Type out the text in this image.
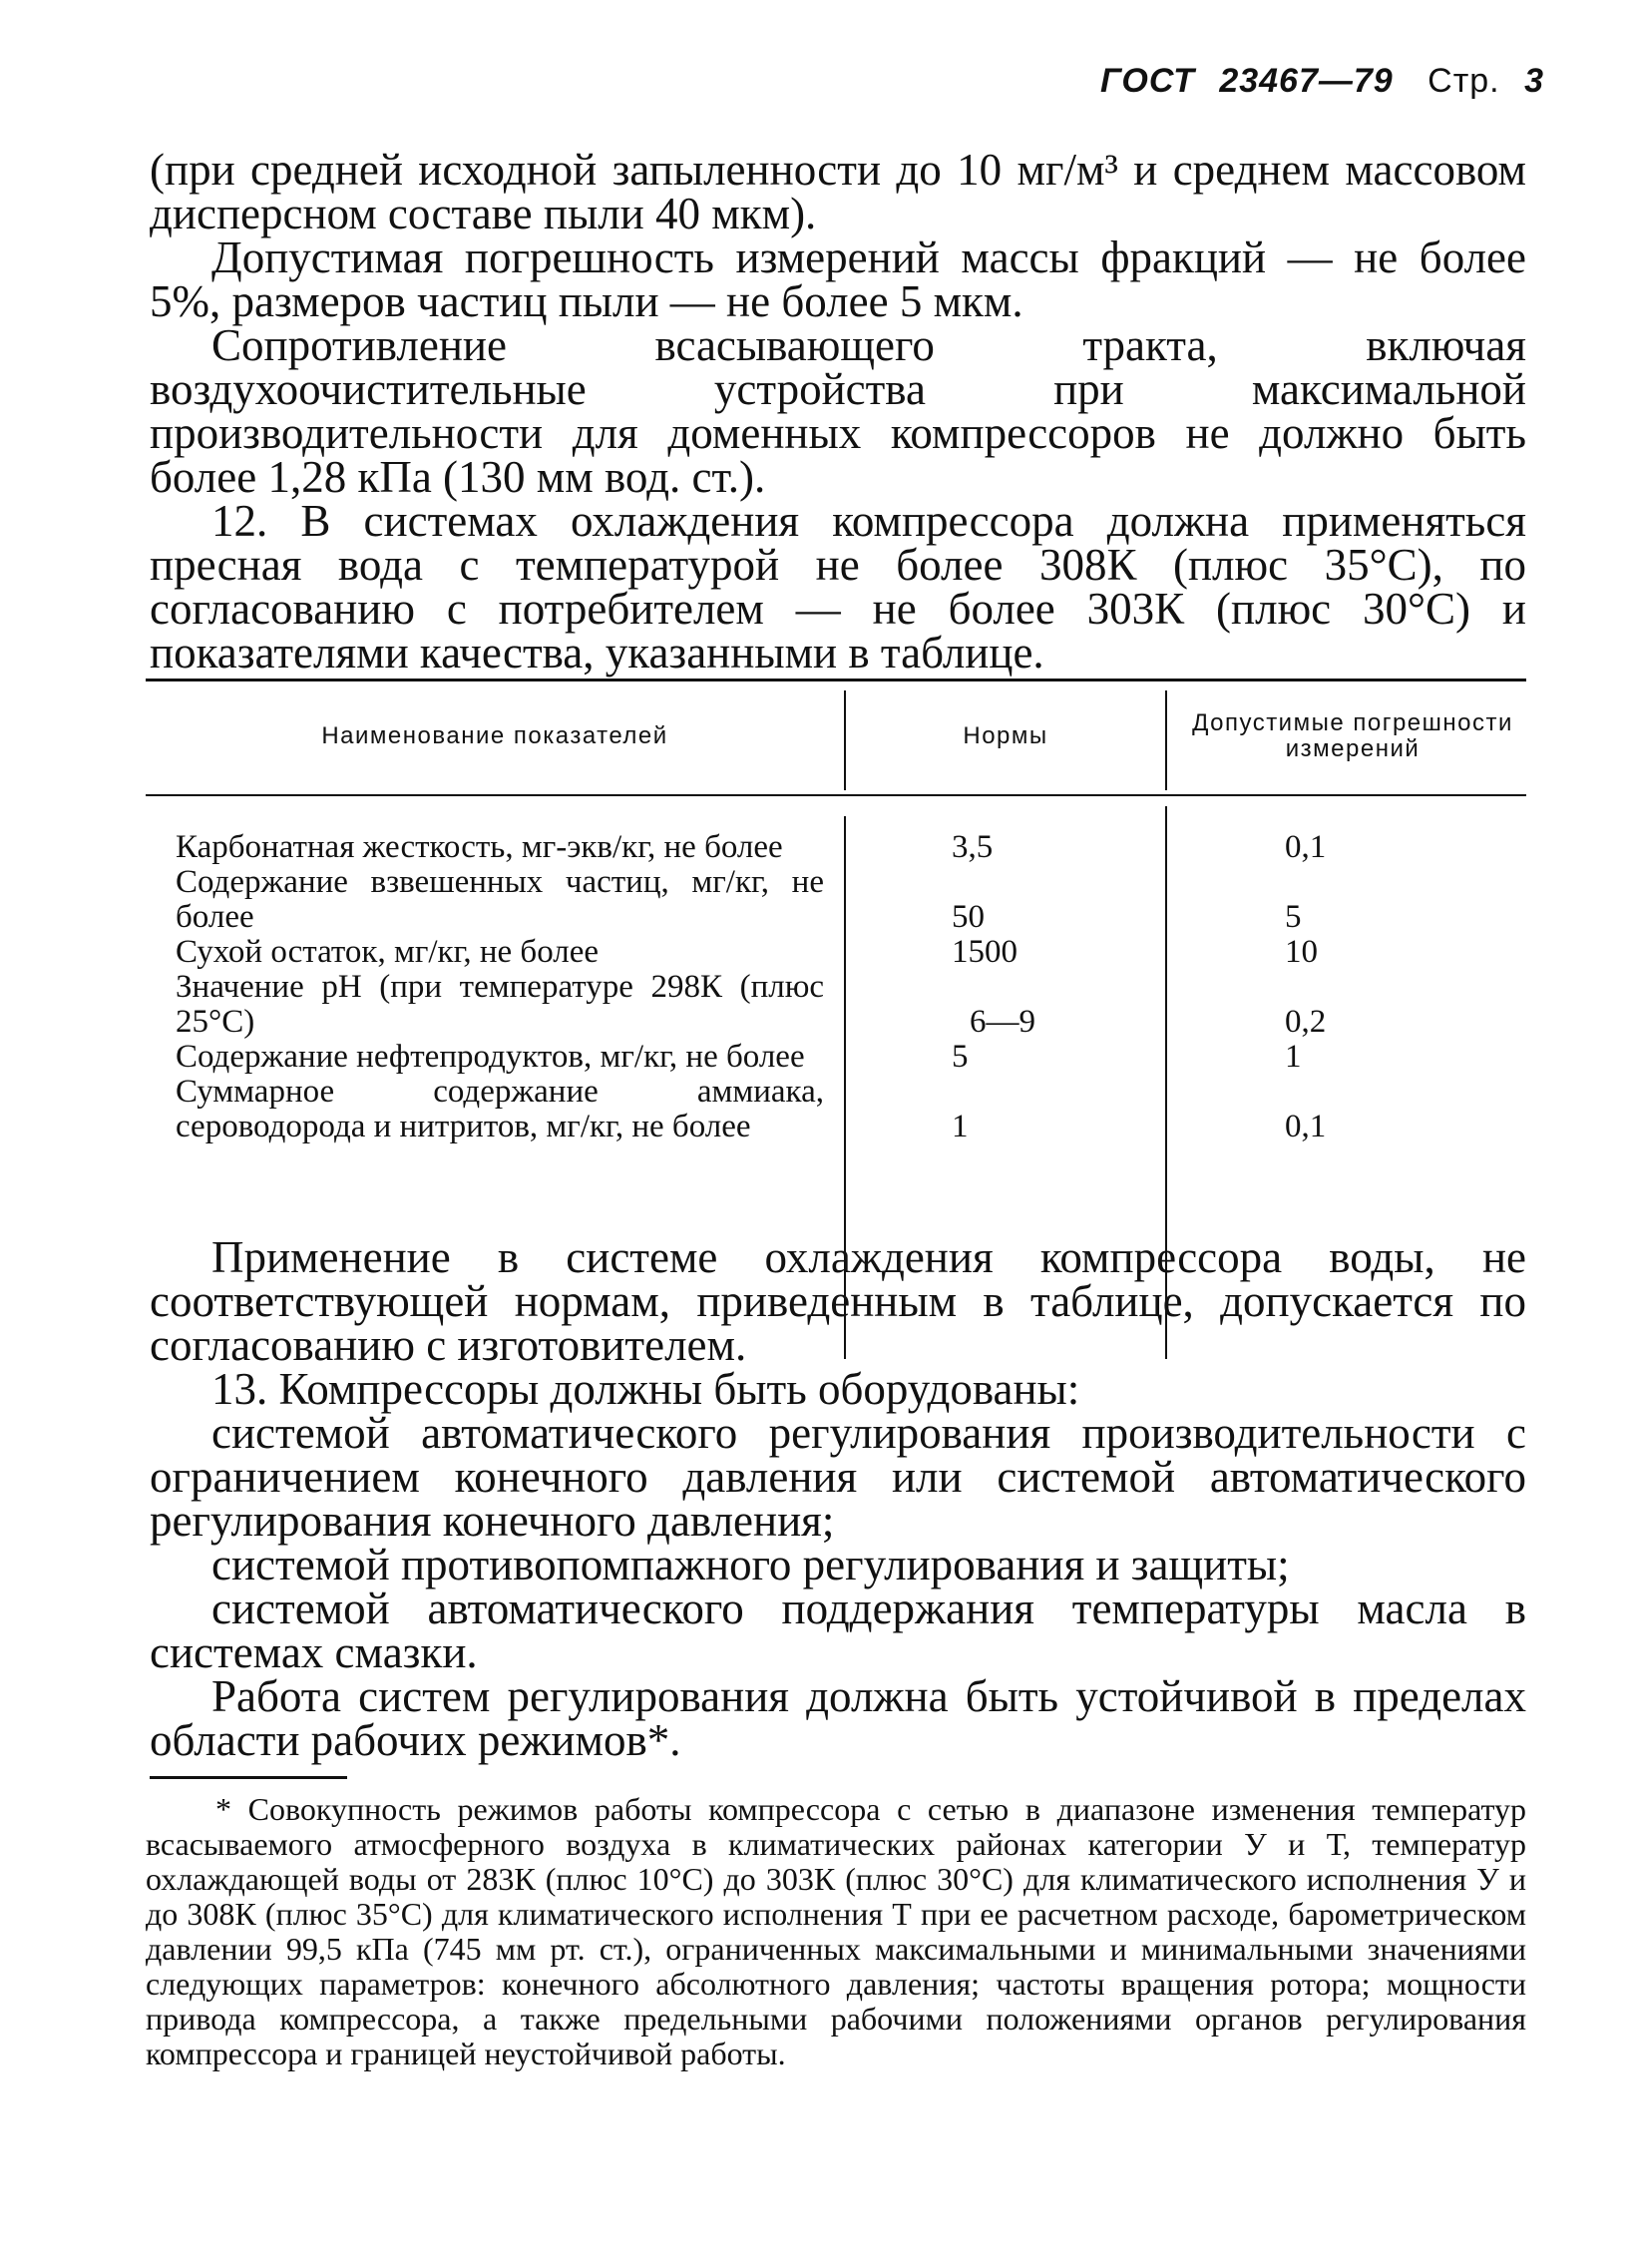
ГОСТ 23467—79 Стр. 3

(при средней исходной запыленности до 10 мг/м³ и среднем массовом дисперсном составе пыли 40 мкм).

Допустимая погрешность измерений массы фракций — не более 5%, размеров частиц пыли — не более 5 мкм.

Сопротивление всасывающего тракта, включая воздухоочистительные устройства при максимальной производительности для доменных компрессоров не должно быть более 1,28 кПа (130 мм вод. ст.).

12. В системах охлаждения компрессора должна применяться пресная вода с температурой не более 308К (плюс 35°С), по согласованию с потребителем — не более 303К (плюс 30°С) и показателями качества, указанными в таблице.

Наименование показателей	Нормы	Допустимые погрешности измерений
Карбонатная жесткость, мг-экв/кг, не более	3,5	0,1
Содержание взвешенных частиц, мг/кг, не более	50	5
Сухой остаток, мг/кг, не более	1500	10
Значение pH (при температуре 298К (плюс 25°С)	6—9	0,2
Содержание нефтепродуктов, мг/кг, не более	5	1
Суммарное содержание аммиака, сероводорода и нитритов, мг/кг, не более	1	0,1

Применение в системе охлаждения компрессора воды, не соответствующей нормам, приведенным в таблице, допускается по согласованию с изготовителем.

13. Компрессоры должны быть оборудованы:

системой автоматического регулирования производительности с ограничением конечного давления или системой автоматического регулирования конечного давления;

системой противопомпажного регулирования и защиты;

системой автоматического поддержания температуры масла в системах смазки.

Работа систем регулирования должна быть устойчивой в пределах области рабочих режимов*.

* Совокупность режимов работы компрессора с сетью в диапазоне изменения температур всасываемого атмосферного воздуха в климатических районах категории У и Т, температур охлаждающей воды от 283К (плюс 10°С) до 303К (плюс 30°С) для климатического исполнения У и до 308К (плюс 35°С) для климатического исполнения Т при ее расчетном расходе, барометрическом давлении 99,5 кПа (745 мм рт. ст.), ограниченных максимальными и минимальными значениями следующих параметров: конечного абсолютного давления; частоты вращения ротора; мощности привода компрессора, а также предельными рабочими положениями органов регулирования компрессора и границей неустойчивой работы.
